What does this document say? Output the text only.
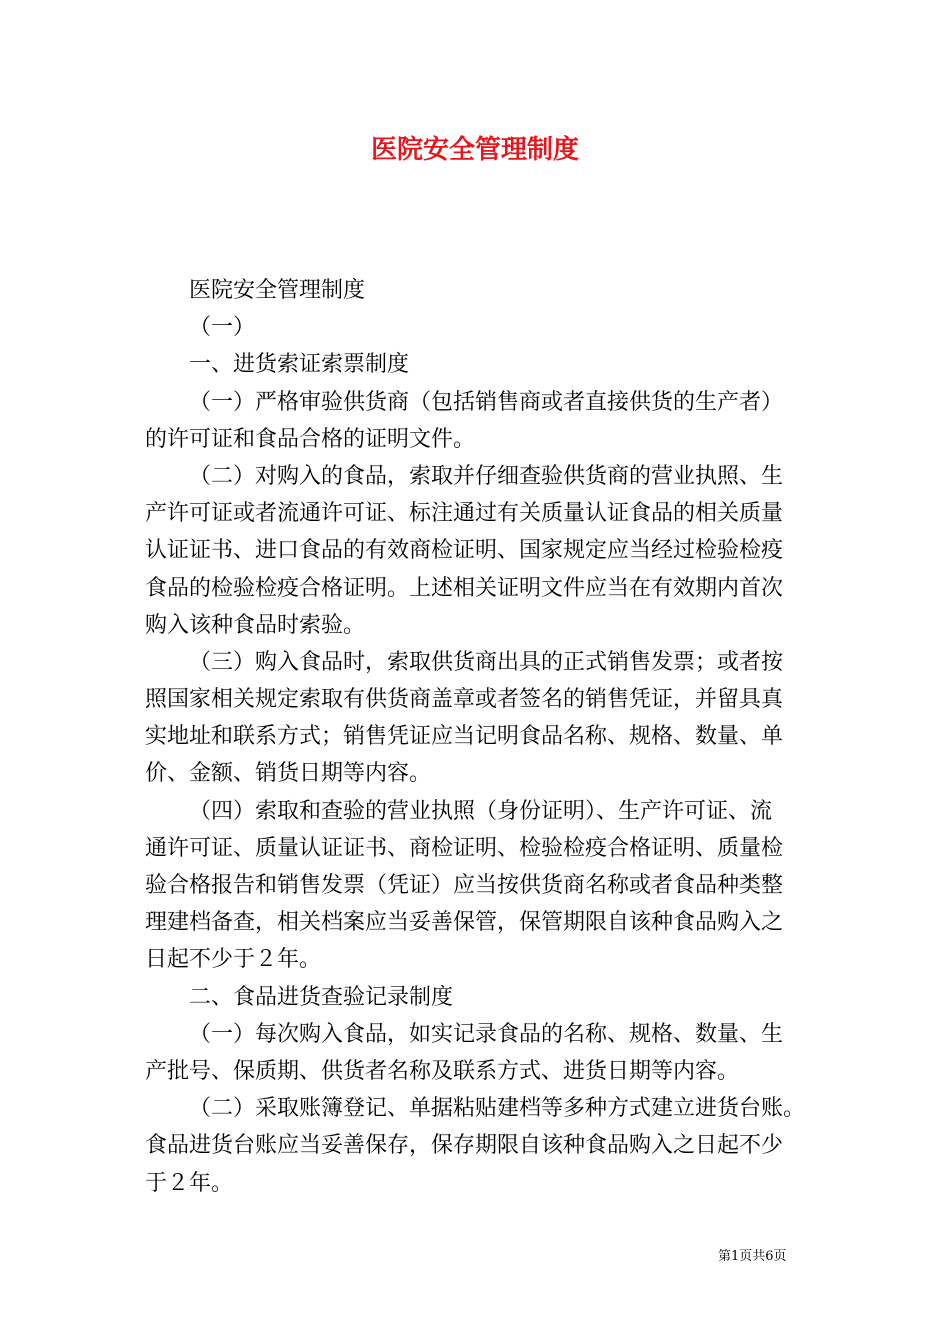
医院安全管理制度
医院安全管理制度
（一）
一、进货索证索票制度
（一）严格审验供货商（包括销售商或者直接供货的生产者）
的许可证和食品合格的证明文件。
（二）对购入的食品，索取并仔细查验供货商的营业执照、生
产许可证或者流通许可证、标注通过有关质量认证食品的相关质量
认证证书、进口食品的有效商检证明、国家规定应当经过检验检疫
食品的检验检疫合格证明。上述相关证明文件应当在有效期内首次
购入该种食品时索验。
（三）购入食品时，索取供货商出具的正式销售发票；或者按
照国家相关规定索取有供货商盖章或者签名的销售凭证，并留具真
实地址和联系方式；销售凭证应当记明食品名称、规格、数量、单
价、金额、销货日期等内容。
（四）索取和查验的营业执照（身份证明）、生产许可证、流
通许可证、质量认证证书、商检证明、检验检疫合格证明、质量检
验合格报告和销售发票（凭证）应当按供货商名称或者食品种类整
理建档备查，相关档案应当妥善保管，保管期限自该种食品购入之
日起不少于２年。
二、食品进货查验记录制度
（一）每次购入食品，如实记录食品的名称、规格、数量、生
产批号、保质期、供货者名称及联系方式、进货日期等内容。
（二）采取账簿登记、单据粘贴建档等多种方式建立进货台账。
食品进货台账应当妥善保存，保存期限自该种食品购入之日起不少
于２年。
第1页共6页
